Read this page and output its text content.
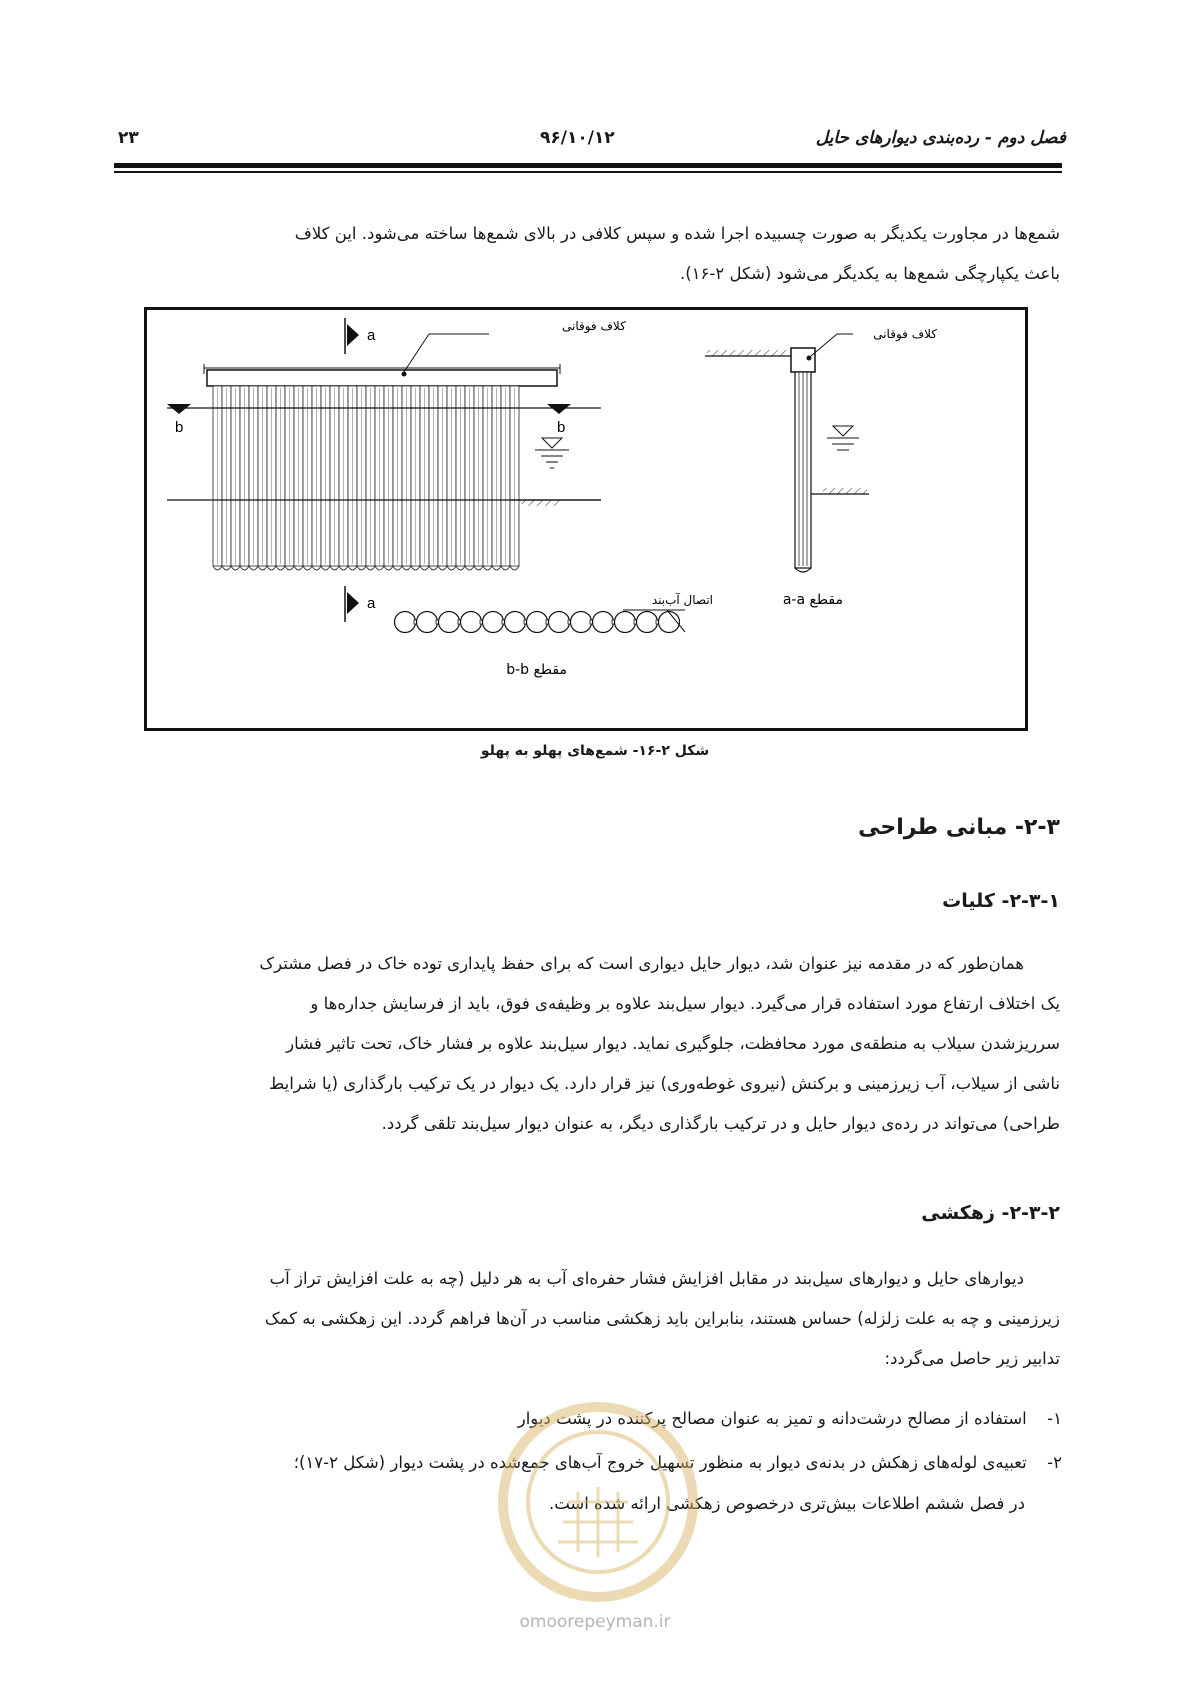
فصل دوم - رده‌بندی دیوارهای حایل
۹۶/۱۰/۱۲
۲۳
شمع‌ها در مجاورت یکدیگر به صورت چسبیده اجرا شده و سپس کلافی در بالای شمع‌ها ساخته می‌شود. این کلاف
باعث یکپارچگی شمع‌ها به یکدیگر می‌شود (شکل ۲-۱۶).
b	b
a
a
کلاف فوقانی
اتصال آب‌بند
مقطع b-b
کلاف فوقانی
مقطع a-a
شکل ۲-۱۶- شمع‌های پهلو به پهلو
۲-۳- مبانی طراحی
۲-۳-۱- کلیات
همان‌طور که در مقدمه نیز عنوان شد، دیوار حایل دیواری است که برای حفظ پایداری توده خاک در فصل مشترک
یک اختلاف ارتفاع مورد استفاده قرار می‌گیرد. دیوار سیل‌بند علاوه بر وظیفه‌ی فوق، باید از فرسایش جداره‌ها و
سرریزشدن سیلاب به منطقه‌ی مورد محافظت، جلوگیری نماید. دیوار سیل‌بند علاوه بر فشار خاک، تحت تاثیر فشار
ناشی از سیلاب، آب زیرزمینی و برکنش (نیروی غوطه‌وری) نیز قرار دارد. یک دیوار در یک ترکیب بارگذاری (یا شرایط
طراحی) می‌تواند در رده‌ی دیوار حایل و در ترکیب بارگذاری دیگر، به عنوان دیوار سیل‌بند تلقی گردد.
۲-۳-۲- زهکشی
دیوارهای حایل و دیوارهای سیل‌بند در مقابل افزایش فشار حفره‌ای آب به هر دلیل (چه به علت افزایش تراز آب
زیرزمینی و چه به علت زلزله) حساس هستند، بنابراین باید زهکشی مناسب در آن‌ها فراهم گردد. این زهکشی به کمک
تدابیر زیر حاصل می‌گردد:
۱- استفاده از مصالح درشت‌دانه و تمیز به عنوان مصالح پرکننده در پشت دیوار
۲- تعبیه‌ی لوله‌های زهکش در بدنه‌ی دیوار به منظور تسهیل خروج آب‌های جمع‌شده در پشت دیوار (شکل ۲-۱۷)؛
در فصل ششم اطلاعات بیش‌تری درخصوص زهکشی ارائه شده است.
omoorepeyman.ir
